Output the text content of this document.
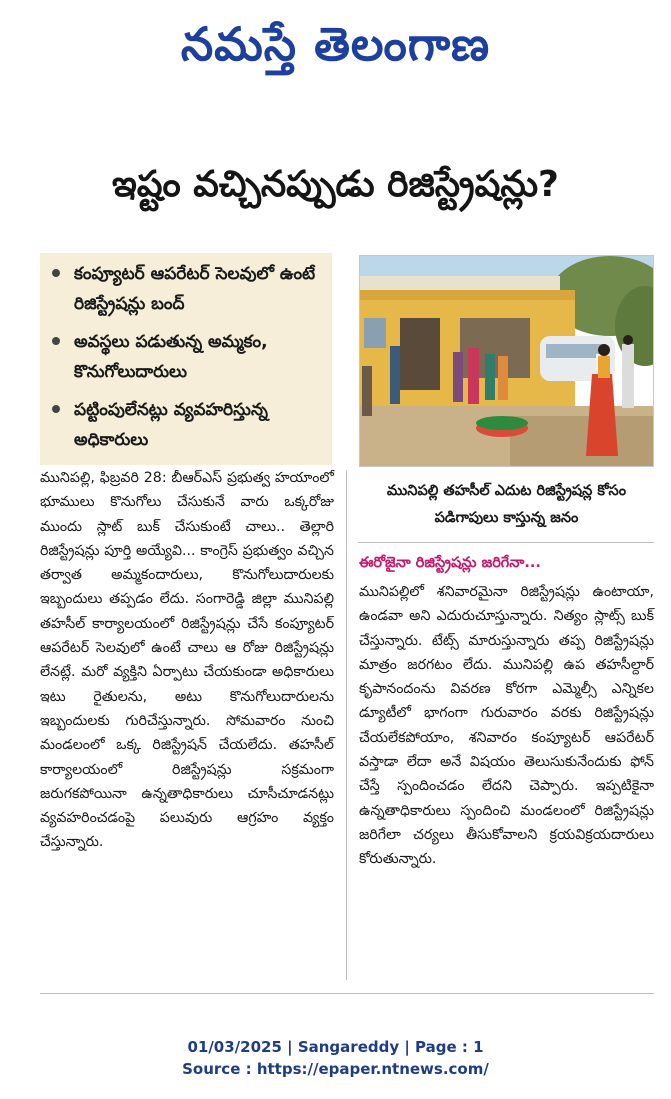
నమస్తే తెలంగాణ
ఇష్టం వచ్చినప్పుడు రిజిస్ట్రేషన్లు?
కంప్యూటర్ ఆపరేటర్ సెలవులో ఉంటే రిజిస్ట్రేషన్లు బంద్
అవస్థలు పడుతున్న అమ్మకం, కొనుగోలుదారులు
పట్టింపులేనట్లు వ్యవహరిస్తున్న అధికారులు

మునిపల్లి తహసీల్ ఎదుట రిజిస్ట్రేషన్ల కోసం పడిగాపులు కాస్తున్న జనం

మునిపల్లి, ఫిబ్రవరి 28: బీఆర్ఎస్ ప్రభుత్వ హయాంలో భూములు కొనుగోలు చేసుకునే వారు ఒక్కరోజు ముందు స్లాట్ బుక్ చేసుకుంటే చాలు.. తెల్లారి రిజిస్ట్రేషన్లు పూర్తి అయ్యేవి... కాంగ్రెస్ ప్రభుత్వం వచ్చిన తర్వాత అమ్మకందారులు, కొనుగోలుదారులకు ఇబ్బందులు తప్పడం లేదు. సంగారెడ్డి జిల్లా మునిపల్లి తహసీల్ కార్యాలయంలో రిజిస్ట్రేషన్లు చేసే కంప్యూటర్ ఆపరేటర్ సెలవులో ఉంటే చాలు ఆ రోజు రిజిస్ట్రేషన్లు లేనట్లే. మరో వ్యక్తిని ఏర్పాటు చేయకుండా అధికారులు ఇటు రైతులను, అటు కొనుగోలుదారులను ఇబ్బందులకు గురిచేస్తున్నారు. సోమవారం నుంచి మండలంలో ఒక్క రిజిస్ట్రేషన్ చేయలేదు. తహసీల్ కార్యాలయంలో రిజిస్ట్రేషన్లు సక్రమంగా జరుగకపోయినా ఉన్నతాధికారులు చూసీచూడనట్లు వ్యవహరించడంపై పలువురు ఆగ్రహం వ్యక్తం చేస్తున్నారు.

ఈరోజైనా రిజిస్ట్రేషన్లు జరిగేనా...

మునిపల్లిలో శనివారమైనా రిజిస్ట్రేషన్లు ఉంటాయా, ఉండవా అని ఎదురుచూస్తున్నారు. నిత్యం స్లాట్స్ బుక్ చేస్తున్నారు. టేట్స్ మారుస్తున్నారు తప్ప రిజిస్ట్రేషన్లు మాత్రం జరగటం లేదు. మునిపల్లి ఉప తహసీల్దార్ కృపానందంను వివరణ కోరగా ఎమ్మెల్సీ ఎన్నికల డ్యూటీలో భాగంగా గురువారం వరకు రిజిస్ట్రేషన్లు చేయలేకపోయాం, శనివారం కంప్యూటర్ ఆపరేటర్ వస్తాడా లేదా అనే విషయం తెలుసుకునేందుకు ఫోన్ చేస్తే స్పందించడం లేదని చెప్పారు. ఇప్పటికైనా ఉన్నతాధికారులు స్పందించి మండలంలో రిజిస్ట్రేషన్లు జరిగేలా చర్యలు తీసుకోవాలని క్రయవిక్రయదారులు కోరుతున్నారు.

01/03/2025 | Sangareddy | Page : 1
Source : https://epaper.ntnews.com/
